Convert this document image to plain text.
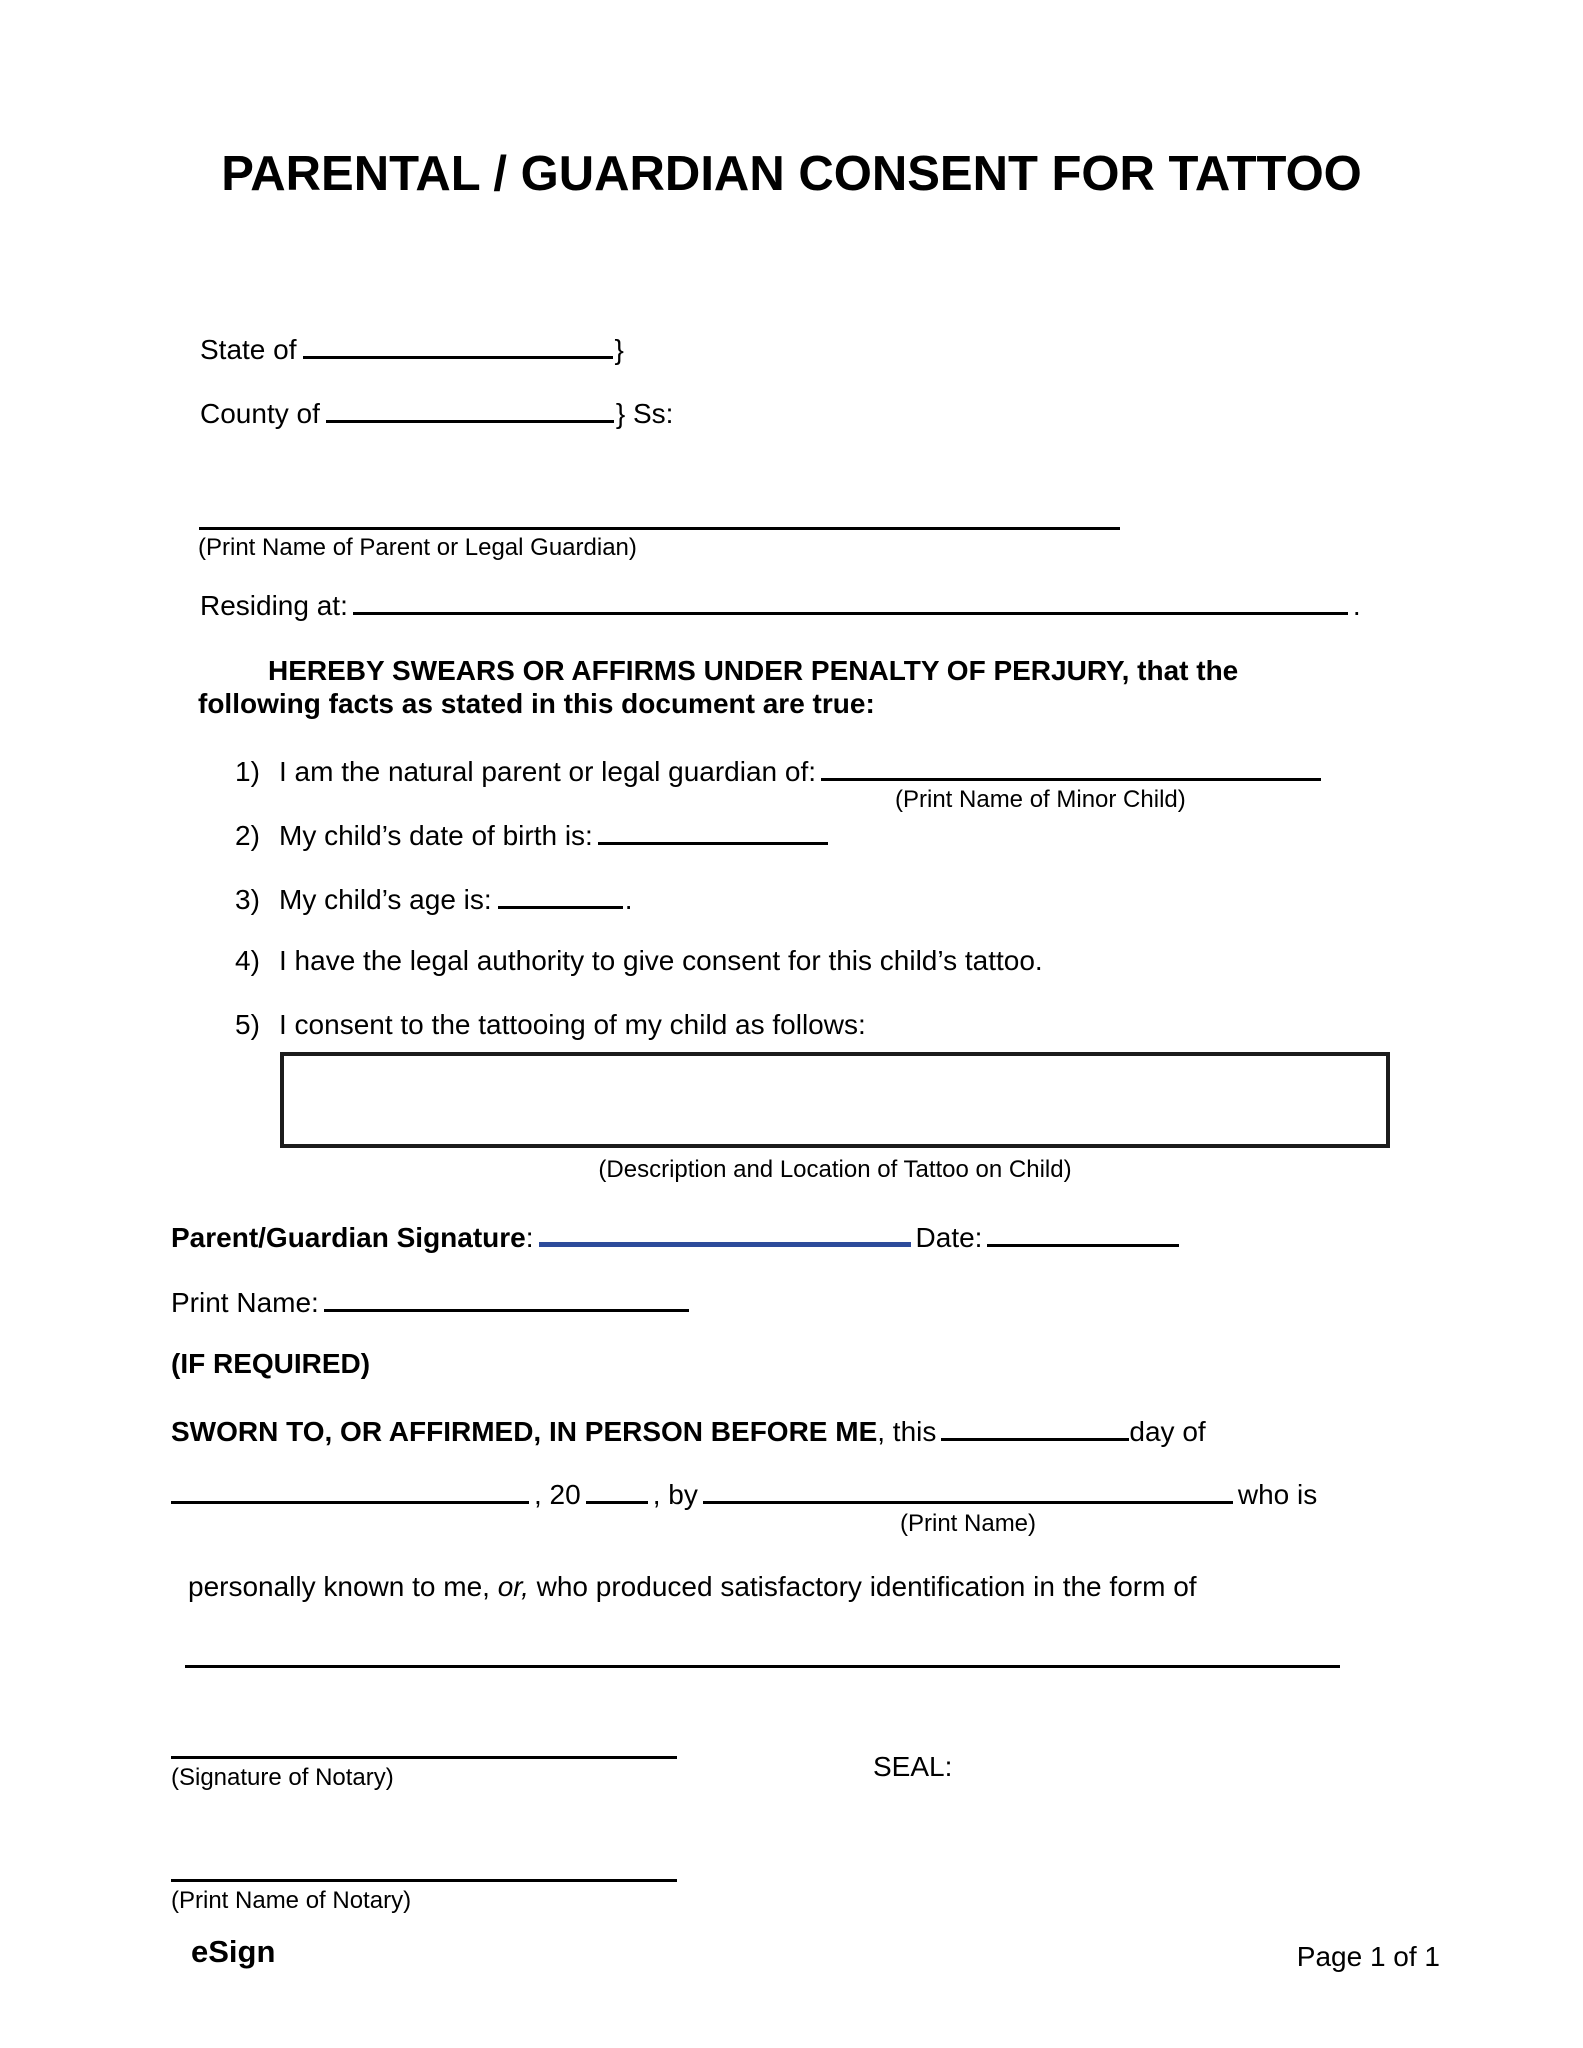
PARENTAL / GUARDIAN CONSENT FOR TATTOO
State of	}
County of	} Ss:
(Print Name of Parent or Legal Guardian)
Residing at:	.
HEREBY SWEARS OR AFFIRMS UNDER PENALTY OF PERJURY, that the
following facts as stated in this document are true:
1) I am the natural parent or legal guardian of:
(Print Name of Minor Child)
2) My child’s date of birth is:
3) My child’s age is:	.
4) I have the legal authority to give consent for this child’s tattoo.
5) I consent to the tattooing of my child as follows:
(Description and Location of Tattoo on Child)
Parent/Guardian Signature:	Date:
Print Name:
(IF REQUIRED)
SWORN TO, OR AFFIRMED, IN PERSON BEFORE ME, this	day of
, 20	, by	who is
(Print Name)
personally known to me, or, who produced satisfactory identification in the form of
(Signature of Notary)	SEAL:
(Print Name of Notary)
eSign	Page 1 of 1
